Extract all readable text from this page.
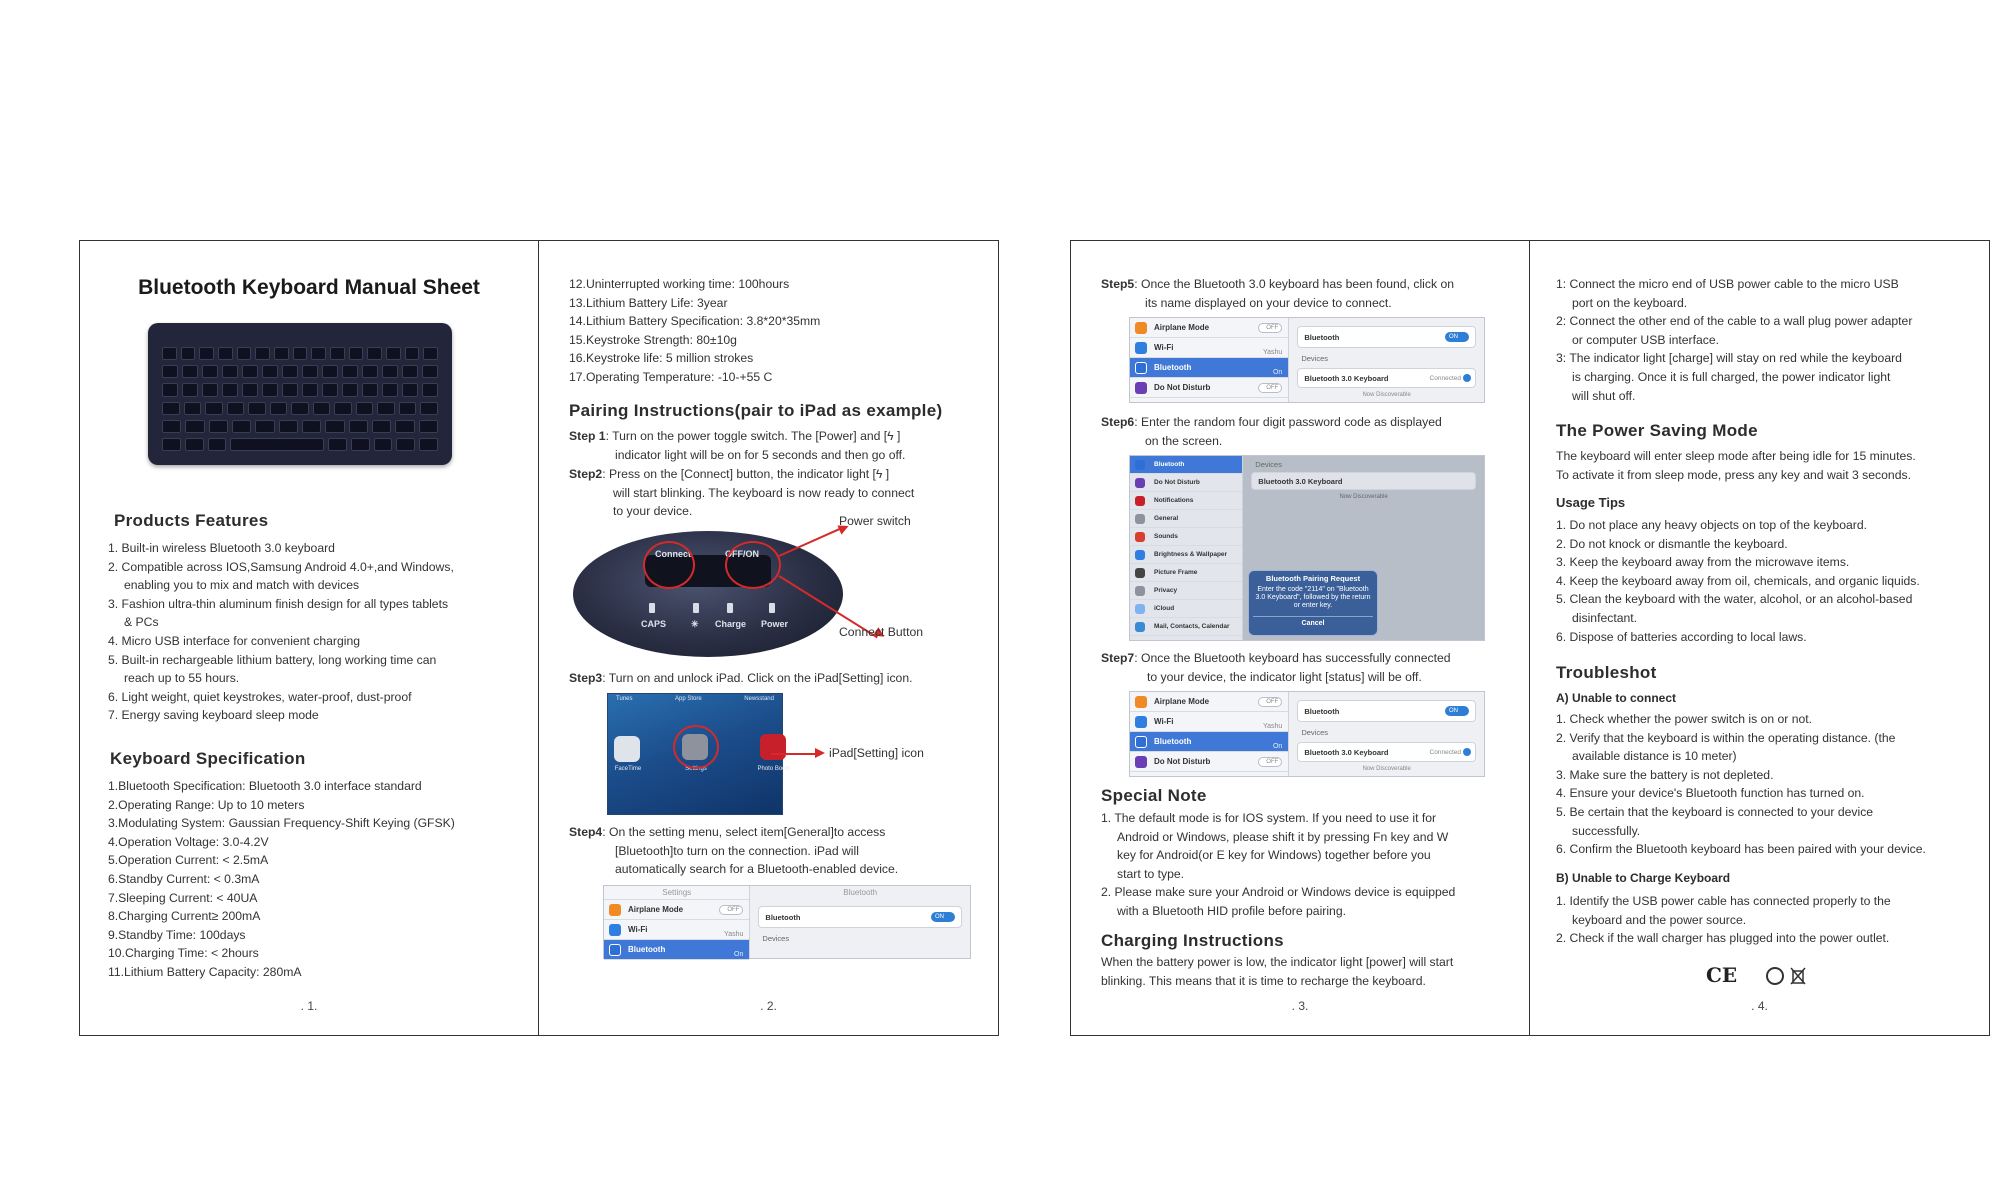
Bluetooth Keyboard Manual Sheet
Products Features
1. Built-in wireless Bluetooth 3.0 keyboard
2. Compatible across IOS,Samsung Android 4.0+,and Windows,
enabling you to mix and match with devices
3. Fashion ultra-thin aluminum finish design for all types tablets
& PCs
4. Micro USB interface for convenient charging
5. Built-in rechargeable lithium battery, long working time can
reach up to 55 hours.
6. Light weight, quiet keystrokes, water-proof, dust-proof
7. Energy saving keyboard sleep mode
Keyboard Specification
1.Bluetooth Specification: Bluetooth 3.0 interface standard
2.Operating Range: Up to 10 meters
3.Modulating System: Gaussian Frequency-Shift Keying (GFSK)
4.Operation Voltage: 3.0-4.2V
5.Operation Current: < 2.5mA
6.Standby Current: < 0.3mA
7.Sleeping Current: < 40UA
8.Charging Current≥ 200mA
9.Standby Time: 100days
10.Charging Time: < 2hours
11.Lithium Battery Capacity: 280mA
. 1.
12.Uninterrupted working time: 100hours
13.Lithium Battery Life: 3year
14.Lithium Battery Specification: 3.8*20*35mm
15.Keystroke Strength: 80±10g
16.Keystroke life: 5 million strokes
17.Operating Temperature: -10-+55 C
Pairing Instructions(pair to iPad as example)
Step 1: Turn on the power toggle switch. The [Power] and [ϟ ]
indicator light will be on for 5 seconds and then go off.
Step2: Press on the [Connect] button, the indicator light [ϟ ]
will start blinking. The keyboard is now ready to connect
to your device.
Connect	OFF/ON
CAPS	✳ Charge Power
Power switch
Connect Button
Step3: Turn on and unlock iPad. Click on the iPad[Setting] icon.
Tunes	App Store	Newsstand
FaceTime	Settings	Photo Booth
iPad[Setting] icon
Step4: On the setting menu, select item[General]to access
[Bluetooth]to turn on the connection. iPad will
automatically search for a Bluetooth-enabled device.
Settings
Airplane Mode	OFF
Wi-Fi
Yashu
Bluetooth
On
Bluetooth
Bluetooth	ON
Devices
. 2.
Step5: Once the Bluetooth 3.0 keyboard has been found, click on
its name displayed on your device to connect.
Airplane Mode	OFF
Wi-Fi
Yashu
Bluetooth
On
Do Not Disturb	OFF
Bluetooth	ON
Devices
Bluetooth 3.0 Keyboard	Connected
Now Discoverable
Step6: Enter the random four digit password code as displayed
on the screen.
Bluetooth
Do Not Disturb
Notifications
General
Sounds
Brightness & Wallpaper
Picture Frame
Privacy
iCloud
Mail, Contacts, Calendar
Devices
Bluetooth 3.0 Keyboard
Now Discoverable
Bluetooth Pairing Request
Enter the code "2114" on "Bluetooth 3.0 Keyboard", followed by the return or enter key.
Cancel
Step7: Once the Bluetooth keyboard has successfully connected
to your device, the indicator light [status] will be off.
Airplane Mode	OFF
Wi-Fi
Yashu
Bluetooth
On
Do Not Disturb	OFF
Bluetooth	ON
Devices
Bluetooth 3.0 Keyboard	Connected
Now Discoverable
Special Note
1. The default mode is for IOS system. If you need to use it for
Android or Windows, please shift it by pressing Fn key and W
key for Android(or E key for Windows) together before you
start to type.
2. Please make sure your Android or Windows device is equipped
with a Bluetooth HID profile before pairing.
Charging Instructions
When the battery power is low, the indicator light [power] will start
blinking. This means that it is time to recharge the keyboard.
. 3.
1: Connect the micro end of USB power cable to the micro USB
port on the keyboard.
2: Connect the other end of the cable to a wall plug power adapter
or computer USB interface.
3: The indicator light [charge] will stay on red while the keyboard
is charging. Once it is full charged, the power indicator light
will shut off.
The Power Saving Mode
The keyboard will enter sleep mode after being idle for 15 minutes.
To activate it from sleep mode, press any key and wait 3 seconds.
Usage Tips
1. Do not place any heavy objects on top of the keyboard.
2. Do not knock or dismantle the keyboard.
3. Keep the keyboard away from the microwave items.
4. Keep the keyboard away from oil, chemicals, and organic liquids.
5. Clean the keyboard with the water, alcohol, or an alcohol-based
disinfectant.
6. Dispose of batteries according to local laws.
Troubleshot
A) Unable to connect
1. Check whether the power switch is on or not.
2. Verify that the keyboard is within the operating distance. (the
available distance is 10 meter)
3. Make sure the battery is not depleted.
4. Ensure your device's Bluetooth function has turned on.
5. Be certain that the keyboard is connected to your device
successfully.
6. Confirm the Bluetooth keyboard has been paired with your device.
B) Unable to Charge Keyboard
1. Identify the USB power cable has connected properly to the
keyboard and the power source.
2. Check if the wall charger has plugged into the power outlet.
CE
. 4.
